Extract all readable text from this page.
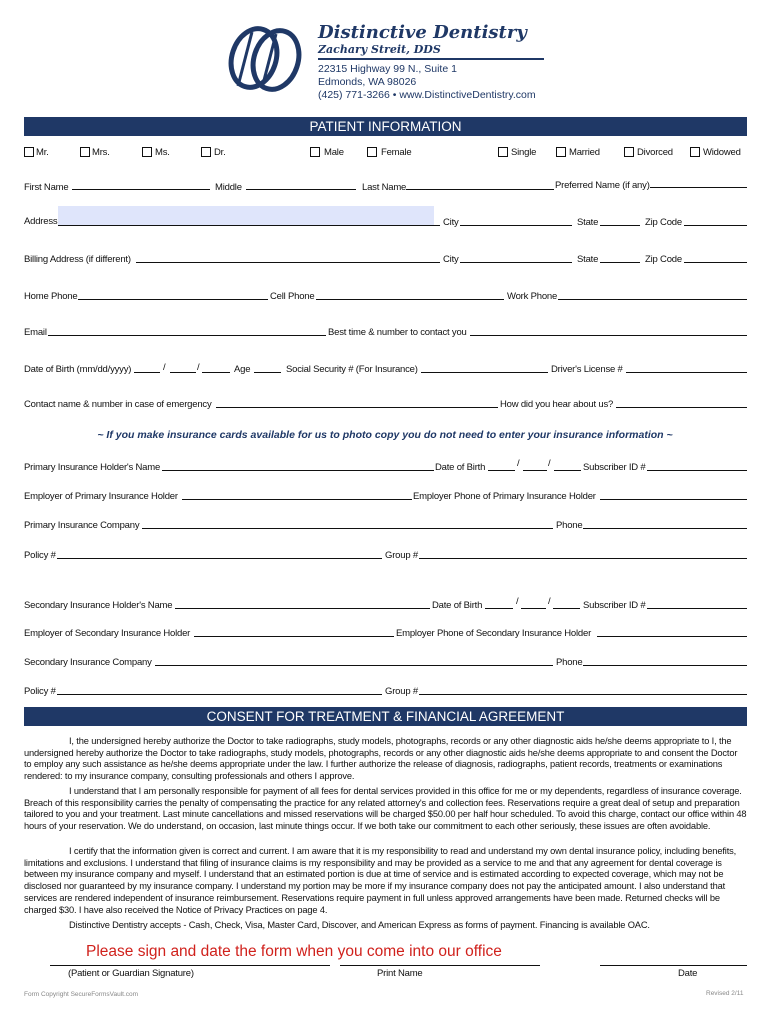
Distinctive Dentistry
Zachary Streit, DDS
22315 Highway 99 N., Suite 1
Edmonds, WA 98026
(425) 771-3266 • www.DistinctiveDentistry.com
PATIENT INFORMATION
Mr.	Mrs.	Ms.	Dr.	Male	Female	Single	Married	Divorced	Widowed
First Name	Middle	Last Name	Preferred Name (if any)
Address	City	State	Zip Code
Billing Address (if different)	City	State	Zip Code
Home Phone	Cell Phone	Work Phone
Email	Best time & number to contact you
Date of Birth (mm/dd/yyyy)	/	/	Age	Social Security # (For Insurance)	Driver's License #
Contact name & number in case of emergency	How did you hear about us?
~ If you make insurance cards available for us to photo copy you do not need to enter your insurance information ~
Primary Insurance Holder's Name	Date of Birth	/	/	Subscriber ID #
Employer of Primary Insurance Holder	Employer Phone of Primary Insurance Holder
Primary Insurance Company	Phone
Policy #	Group #
Secondary Insurance Holder's Name	Date of Birth	/	/	Subscriber ID #
Employer of Secondary Insurance Holder	Employer Phone of Secondary Insurance Holder
Secondary Insurance Company	Phone
Policy #	Group #
CONSENT FOR TREATMENT & FINANCIAL AGREEMENT
I, the undersigned hereby authorize the Doctor to take radiographs, study models, photographs, records or any other diagnostic aids he/she deems appropriate to I, the undersigned hereby authorize the Doctor to take radiographs, study models, photographs, records or any other diagnostic aids he/she deems appropriate to and consent the Doctor to employ any such assistance as he/she deems appropriate under the law. I further authorize the release of diagnosis, radiographs, patient records, treatments or examinations rendered: to my insurance company, consulting professionals and others I approve.
I understand that I am personally responsible for payment of all fees for dental services provided in this office for me or my dependents, regardless of insurance coverage. Breach of this responsibility carries the penalty of compensating the practice for any related attorney's and collection fees. Reservations require a great deal of setup and preparation tailored to you and your treatment. Last minute cancellations and missed reservations will be charged $50.00 per half hour scheduled. To avoid this charge, contact our office within 48 hours of your reservation. We do understand, on occasion, last minute things occur. If we both take our commitment to each other seriously, these issues are often avoidable.
I certify that the information given is correct and current. I am aware that it is my responsibility to read and understand my own dental insurance policy, including benefits, limitations and exclusions. I understand that filing of insurance claims is my responsibility and may be provided as a service to me and that any agreement for dental coverage is between my insurance company and myself. I understand that an estimated portion is due at time of service and is estimated according to expected coverage, which may not be disclosed nor guaranteed by my insurance company. I understand my portion may be more if my insurance company does not pay the anticipated amount. I also understand that services are rendered independent of insurance reimbursement. Reservations require payment in full unless approved arrangements have been made. Returned checks will be charged $30. I have also received the Notice of Privacy Practices on page 4.
Distinctive Dentistry accepts - Cash, Check, Visa, Master Card, Discover, and American Express as forms of payment. Financing is available OAC.
Please sign and date the form when you come into our office
(Patient or Guardian Signature)	Print Name	Date
Form Copyright SecureFormsVault.com	Revised 2/11
